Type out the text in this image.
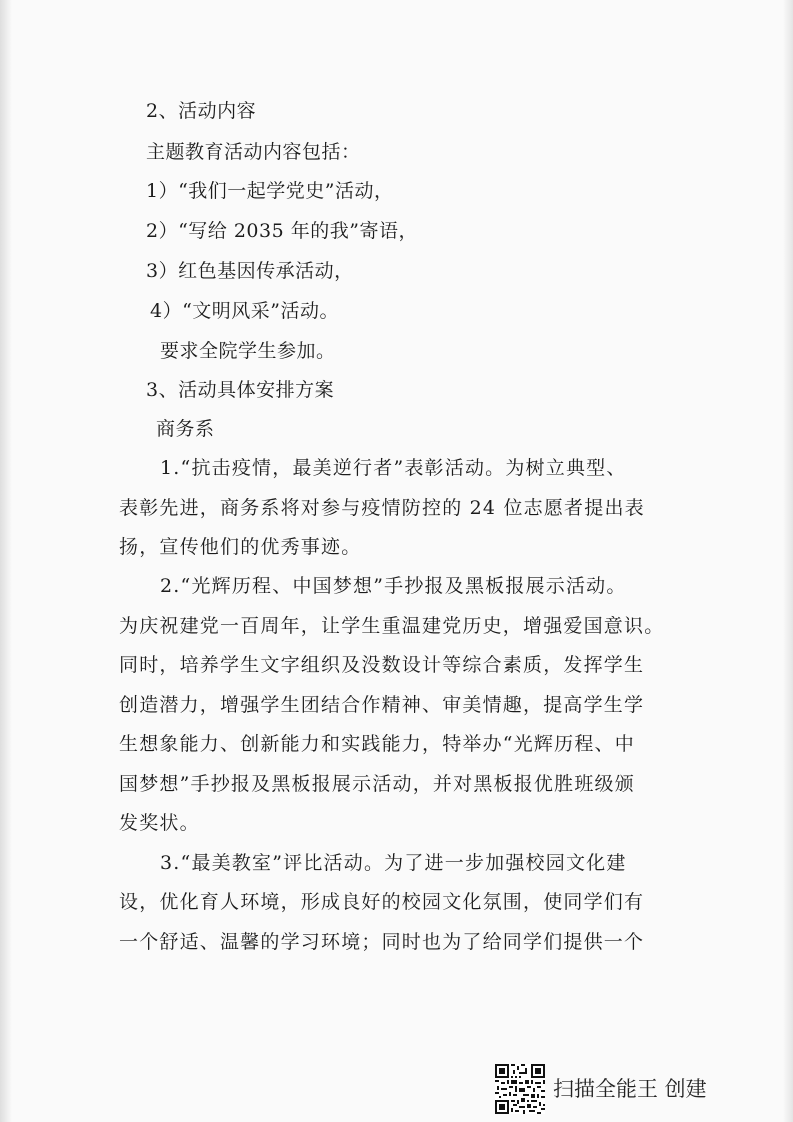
2、活动内容
主题教育活动内容包括：
1）“我们一起学党史”活动，
2）“写给 2035 年的我”寄语，
3）红色基因传承活动，
4）“文明风采”活动。
要求全院学生参加。
3、活动具体安排方案
商务系
1.“抗击疫情，最美逆行者”表彰活动。为树立典型、
表彰先进，商务系将对参与疫情防控的 24 位志愿者提出表
扬，宣传他们的优秀事迹。
2.“光辉历程、中国梦想”手抄报及黑板报展示活动。
为庆祝建党一百周年，让学生重温建党历史，增强爱国意识。
同时，培养学生文字组织及没数设计等综合素质，发挥学生
创造潜力，增强学生团结合作精神、审美情趣，提高学生学
生想象能力、创新能力和实践能力，特举办“光辉历程、中
国梦想”手抄报及黑板报展示活动，并对黑板报优胜班级颁
发奖状。
3.“最美教室”评比活动。为了进一步加强校园文化建
设，优化育人环境，形成良好的校园文化氛围，使同学们有
一个舒适、温馨的学习环境；同时也为了给同学们提供一个
扫描全能王 创建
